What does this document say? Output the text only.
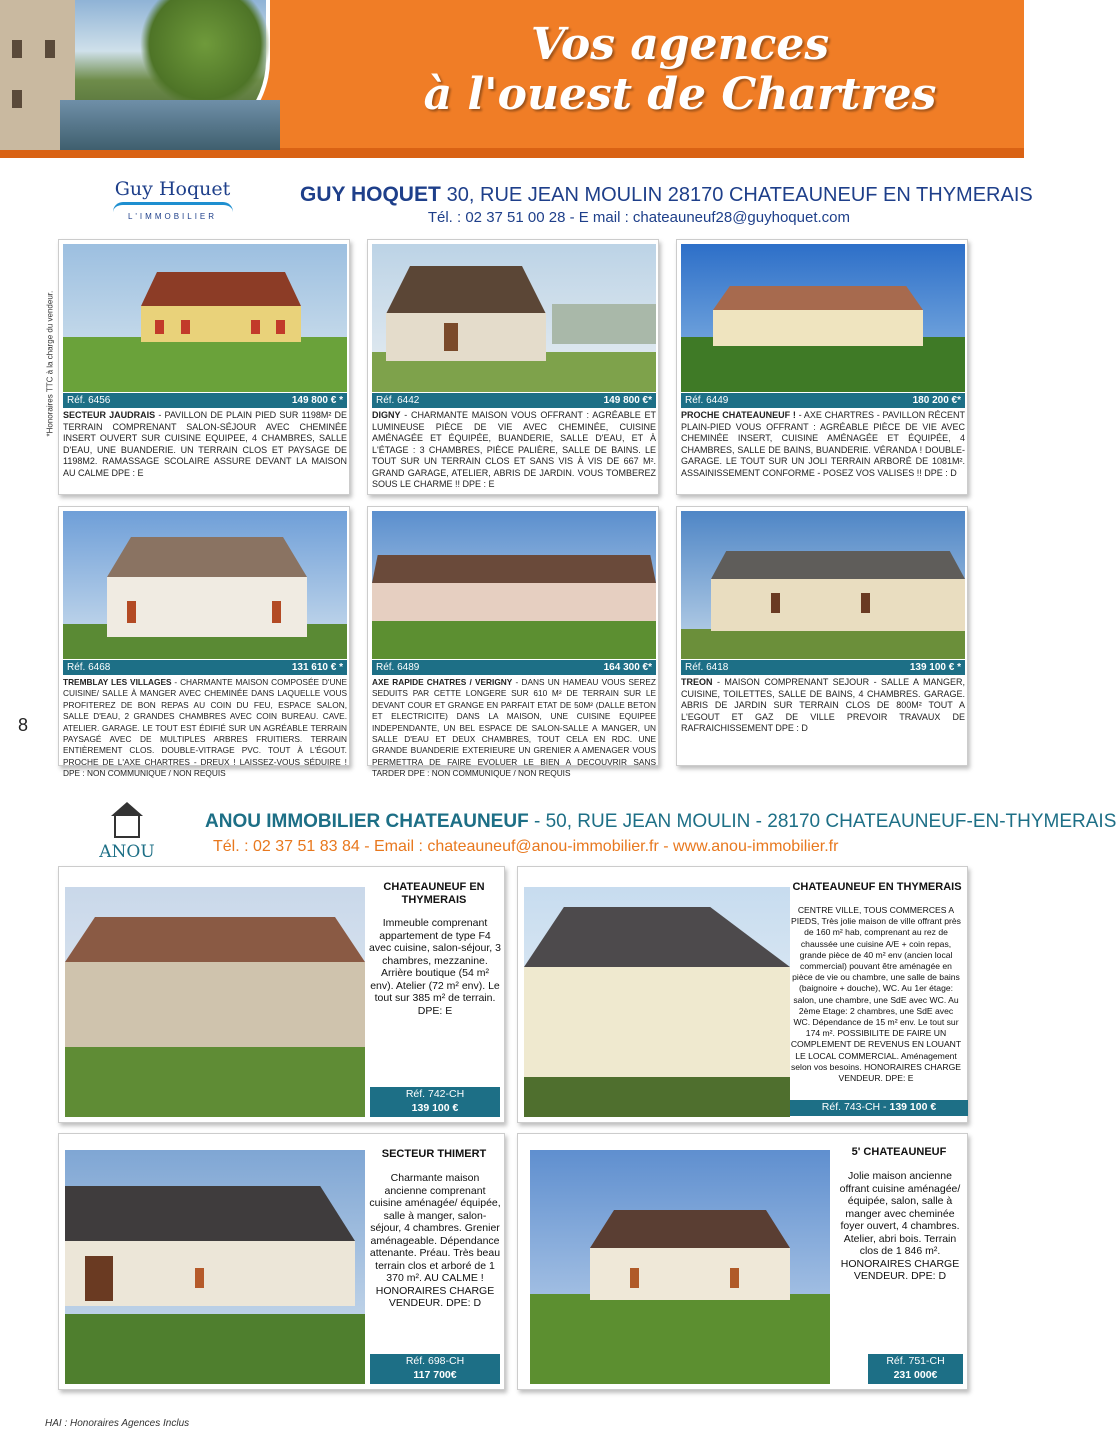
Vos agences
à l'ouest de Chartres
*Honoraires TTC à la charge du vendeur.
Guy Hoquet
L'IMMOBILIER
GUY HOQUET 30, RUE JEAN MOULIN 28170 CHATEAUNEUF EN THYMERAIS
Tél. : 02 37 51 00 28 - E mail : chateauneuf28@guyhoquet.com
Réf. 6456	149 800 € *
SECTEUR JAUDRAIS - PAVILLON DE PLAIN PIED SUR 1198M² DE TERRAIN COMPRENANT SALON-SÉJOUR AVEC CHEMINÉE INSERT OUVERT SUR CUISINE EQUIPEE, 4 CHAMBRES, SALLE D'EAU, UNE BUANDERIE. UN TERRAIN CLOS ET PAYSAGE DE 1198M2. RAMASSAGE SCOLAIRE ASSURE DEVANT LA MAISON AU CALME DPE : E
Réf. 6442	149 800 €*
DIGNY - CHARMANTE MAISON VOUS OFFRANT : AGRÉABLE ET LUMINEUSE PIÈCE DE VIE AVEC CHEMINÉE, CUISINE AMÉNAGÉE ET ÉQUIPÉE, BUANDERIE, SALLE D'EAU, ET À L'ÉTAGE : 3 CHAMBRES, PIÈCE PALIÈRE, SALLE DE BAINS. LE TOUT SUR UN TERRAIN CLOS ET SANS VIS À VIS DE 667 M². GRAND GARAGE, ATELIER, ABRIS DE JARDIN. VOUS TOMBEREZ SOUS LE CHARME !! DPE : E
Réf. 6449	180 200 €*
PROCHE CHATEAUNEUF ! - AXE CHARTRES - PAVILLON RÉCENT PLAIN-PIED VOUS OFFRANT : AGRÉABLE PIÈCE DE VIE AVEC CHEMINÉE INSERT, CUISINE AMÉNAGÉE ET ÉQUIPÉE, 4 CHAMBRES, SALLE DE BAINS, BUANDERIE. VÉRANDA ! DOUBLE-GARAGE. LE TOUT SUR UN JOLI TERRAIN ARBORÉ DE 1081M². ASSAINISSEMENT CONFORME - POSEZ VOS VALISES !! DPE : D
Réf. 6468	131 610 € *
TREMBLAY LES VILLAGES - CHARMANTE MAISON COMPOSÉE D'UNE CUISINE/ SALLE À MANGER AVEC CHEMINÉE DANS LAQUELLE VOUS PROFITEREZ DE BON REPAS AU COIN DU FEU, ESPACE SALON, SALLE D'EAU, 2 GRANDES CHAMBRES AVEC COIN BUREAU. CAVE. ATELIER. GARAGE. LE TOUT EST ÉDIFIÉ SUR UN AGRÉABLE TERRAIN PAYSAGÉ AVEC DE MULTIPLES ARBRES FRUITIERS. TERRAIN ENTIÈREMENT CLOS. DOUBLE-VITRAGE PVC. TOUT À L'ÉGOUT. PROCHE DE L'AXE CHARTRES - DREUX ! LAISSEZ-VOUS SÉDUIRE ! DPE : NON COMMUNIQUE / NON REQUIS
Réf. 6489	164 300 €*
AXE RAPIDE CHATRES / VERIGNY - DANS UN HAMEAU VOUS SEREZ SEDUITS PAR CETTE LONGERE SUR 610 M² DE TERRAIN SUR LE DEVANT COUR ET GRANGE EN PARFAIT ETAT DE 50M² (DALLE BETON ET ELECTRICITE) DANS LA MAISON, UNE CUISINE EQUIPEE INDEPENDANTE, UN BEL ESPACE DE SALON-SALLE A MANGER, UN SALLE D'EAU ET DEUX CHAMBRES, TOUT CELA EN RDC. UNE GRANDE BUANDERIE EXTERIEURE UN GRENIER A AMENAGER VOUS PERMETTRA DE FAIRE EVOLUER LE BIEN A DECOUVRIR SANS TARDER DPE : NON COMMUNIQUE / NON REQUIS
Réf. 6418	139 100 € *
TREON - MAISON COMPRENANT SEJOUR - SALLE A MANGER, CUISINE, TOILETTES, SALLE DE BAINS, 4 CHAMBRES. GARAGE. ABRIS DE JARDIN SUR TERRAIN CLOS DE 800M² TOUT A L'EGOUT ET GAZ DE VILLE PREVOIR TRAVAUX DE RAFRAICHISSEMENT DPE : D
8
ANOU
ANOU IMMOBILIER CHATEAUNEUF - 50, RUE JEAN MOULIN - 28170 CHATEAUNEUF-EN-THYMERAIS
Tél. : 02 37 51 83 84 - Email : chateauneuf@anou-immobilier.fr - www.anou-immobilier.fr
CHATEAUNEUF EN THYMERAIS
Immeuble comprenant appartement de type F4 avec cuisine, salon-séjour, 3 chambres, mezzanine. Arrière boutique (54 m² env). Atelier (72 m² env). Le tout sur 385 m² de terrain. DPE: E
Réf. 742-CH
139 100 €
CHATEAUNEUF EN THYMERAIS
CENTRE VILLE, TOUS COMMERCES A PIEDS, Très jolie maison de ville offrant près de 160 m² hab, comprenant au rez de chaussée une cuisine A/E + coin repas, grande pièce de 40 m² env (ancien local commercial) pouvant être aménagée en pièce de vie ou chambre, une salle de bains (baignoire + douche), WC. Au 1er étage: salon, une chambre, une SdE avec WC. Au 2ème Etage: 2 chambres, une SdE avec WC. Dépendance de 15 m² env. Le tout sur 174 m². POSSIBILITE DE FAIRE UN COMPLEMENT DE REVENUS EN LOUANT LE LOCAL COMMERCIAL. Aménagement selon vos besoins. HONORAIRES CHARGE VENDEUR. DPE: E
Réf. 743-CH - 139 100 €
SECTEUR THIMERT
Charmante maison ancienne comprenant cuisine aménagée/ équipée, salle à manger, salon-séjour, 4 chambres. Grenier aménageable. Dépendance attenante. Préau. Très beau terrain clos et arboré de 1 370 m². AU CALME ! HONORAIRES CHARGE VENDEUR. DPE: D
Réf. 698-CH
117 700€
5' CHATEAUNEUF
Jolie maison ancienne offrant cuisine aménagée/équipée, salon, salle à manger avec cheminée foyer ouvert, 4 chambres. Atelier, abri bois. Terrain clos de 1 846 m². HONORAIRES CHARGE VENDEUR. DPE: D
Réf. 751-CH
231 000€
HAI : Honoraires Agences Inclus
